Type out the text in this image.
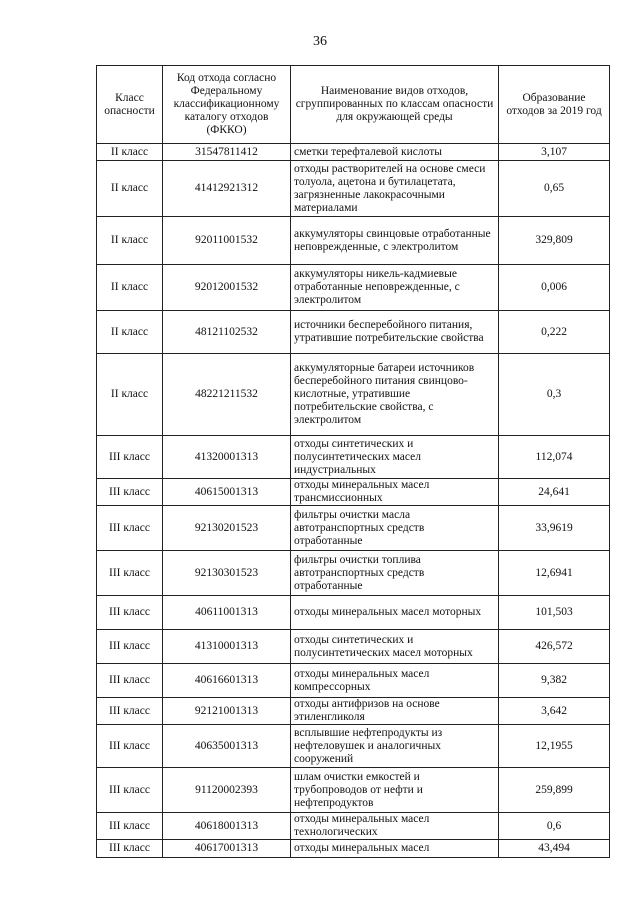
36
Класс опасности	Код отхода согласно Федеральному классификационному каталогу отходов (ФККО)	Наименование видов отходов, сгруппированных по классам опасности для окружающей среды	Образование отходов за 2019 год
II класс	31547811412	сметки терефталевой кислоты	3,107
II класс	41412921312	отходы растворителей на основе смеси толуола, ацетона и бутилацетата, загрязненные лакокрасочными материалами	0,65
II класс	92011001532	аккумуляторы свинцовые отработанные неповрежденные, с электролитом	329,809
II класс	92012001532	аккумуляторы никель-кадмиевые отработанные неповрежденные, с электролитом	0,006
II класс	48121102532	источники бесперебойного питания, утратившие потребительские свойства	0,222
II класс	48221211532	аккумуляторные батареи источников бесперебойного питания свинцово-кислотные, утратившие потребительские свойства, с электролитом	0,3
III класс	41320001313	отходы синтетических и полусинтетических масел индустриальных	112,074
III класс	40615001313	отходы минеральных масел трансмиссионных	24,641
III класс	92130201523	фильтры очистки масла автотранспортных средств отработанные	33,9619
III класс	92130301523	фильтры очистки топлива автотранспортных средств отработанные	12,6941
III класс	40611001313	отходы минеральных масел моторных	101,503
III класс	41310001313	отходы синтетических и полусинтетических масел моторных	426,572
III класс	40616601313	отходы минеральных масел компрессорных	9,382
III класс	92121001313	отходы антифризов на основе этиленгликоля	3,642
III класс	40635001313	всплывшие нефтепродукты из нефтеловушек и аналогичных сооружений	12,1955
III класс	91120002393	шлам очистки емкостей и трубопроводов от нефти и нефтепродуктов	259,899
III класс	40618001313	отходы минеральных масел технологических	0,6
III класс	40617001313	отходы минеральных масел	43,494
